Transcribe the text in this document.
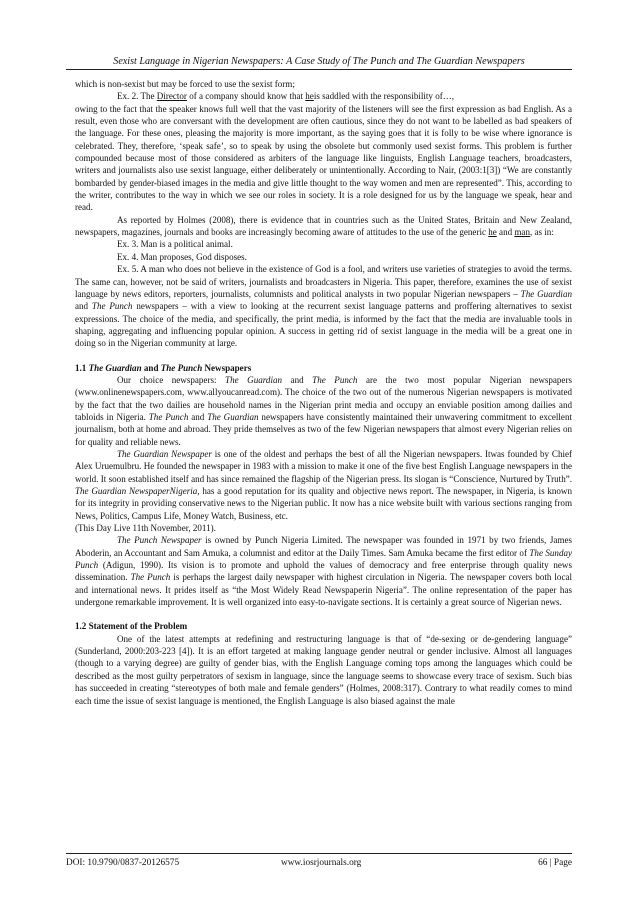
Sexist Language in Nigerian Newspapers: A Case Study of The Punch and The Guardian Newspapers

which is non-sexist but may be forced to use the sexist form;

Ex. 2. The Director of a company should know that heis saddled with the responsibility of…,

owing to the fact that the speaker knows full well that the vast majority of the listeners will see the first expression as bad English. As a result, even those who are conversant with the development are often cautious, since they do not want to be labelled as bad speakers of the language. For these ones, pleasing the majority is more important, as the saying goes that it is folly to be wise where ignorance is celebrated. They, therefore, ‘speak safe’, so to speak by using the obsolete but commonly used sexist forms. This problem is further compounded because most of those considered as arbiters of the language like linguists, English Language teachers, broadcasters, writers and journalists also use sexist language, either deliberately or unintentionally. According to Nair, (2003:1[3]) “We are constantly bombarded by gender-biased images in the media and give little thought to the way women and men are represented”. This, according to the writer, contributes to the way in which we see our roles in society. It is a role designed for us by the language we speak, hear and read.

As reported by Holmes (2008), there is evidence that in countries such as the United States, Britain and New Zealand, newspapers, magazines, journals and books are increasingly becoming aware of attitudes to the use of the generic he and man, as in:

Ex. 3. Man is a political animal.

Ex. 4. Man proposes, God disposes.

Ex. 5. A man who does not believe in the existence of God is a fool, and writers use varieties of strategies to avoid the terms. The same can, however, not be said of writers, journalists and broadcasters in Nigeria. This paper, therefore, examines the use of sexist language by news editors, reporters, journalists, columnists and political analysts in two popular Nigerian newspapers – The Guardian and The Punch newspapers – with a view to looking at the recurrent sexist language patterns and proffering alternatives to sexist expressions. The choice of the media, and specifically, the print media, is informed by the fact that the media are invaluable tools in shaping, aggregating and influencing popular opinion. A success in getting rid of sexist language in the media will be a great one in doing so in the Nigerian community at large.

1.1 The Guardian and The Punch Newspapers

Our choice newspapers: The Guardian and The Punch are the two most popular Nigerian newspapers (www.onlinenewspapers.com, www.allyoucanread.com). The choice of the two out of the numerous Nigerian newspapers is motivated by the fact that the two dailies are household names in the Nigerian print media and occupy an enviable position among dailies and tabloids in Nigeria. The Punch and The Guardian newspapers have consistently maintained their unwavering commitment to excellent journalism, both at home and abroad. They pride themselves as two of the few Nigerian newspapers that almost every Nigerian relies on for quality and reliable news.

The Guardian Newspaper is one of the oldest and perhaps the best of all the Nigerian newspapers. Itwas founded by Chief Alex Uruemulbru. He founded the newspaper in 1983 with a mission to make it one of the five best English Language newspapers in the world. It soon established itself and has since remained the flagship of the Nigerian press. Its slogan is “Conscience, Nurtured by Truth”. The Guardian NewspaperNigeria, has a good reputation for its quality and objective news report. The newspaper, in Nigeria, is known for its integrity in providing conservative news to the Nigerian public. It now has a nice website built with various sections ranging from News, Politics, Campus Life, Money Watch, Business, etc.

(This Day Live 11th November, 2011).

The Punch Newspaper is owned by Punch Nigeria Limited. The newspaper was founded in 1971 by two friends, James Aboderin, an Accountant and Sam Amuka, a columnist and editor at the Daily Times. Sam Amuka became the first editor of The Sunday Punch (Adigun, 1990). Its vision is to promote and uphold the values of democracy and free enterprise through quality news dissemination. The Punch is perhaps the largest daily newspaper with highest circulation in Nigeria. The newspaper covers both local and international news. It prides itself as “the Most Widely Read Newspaperin Nigeria”. The online representation of the paper has undergone remarkable improvement. It is well organized into easy-to-navigate sections. It is certainly a great source of Nigerian news.

1.2 Statement of the Problem

One of the latest attempts at redefining and restructuring language is that of “de-sexing or de-gendering language” (Sunderland, 2000:203-223 [4]). It is an effort targeted at making language gender neutral or gender inclusive. Almost all languages (though to a varying degree) are guilty of gender bias, with the English Language coming tops among the languages which could be described as the most guilty perpetrators of sexism in language, since the language seems to showcase every trace of sexism. Such bias has succeeded in creating “stereotypes of both male and female genders” (Holmes, 2008:317). Contrary to what readily comes to mind each time the issue of sexist language is mentioned, the English Language is also biased against the male

DOI: 10.9790/0837-20126575	www.iosrjournals.org	66 | Page
